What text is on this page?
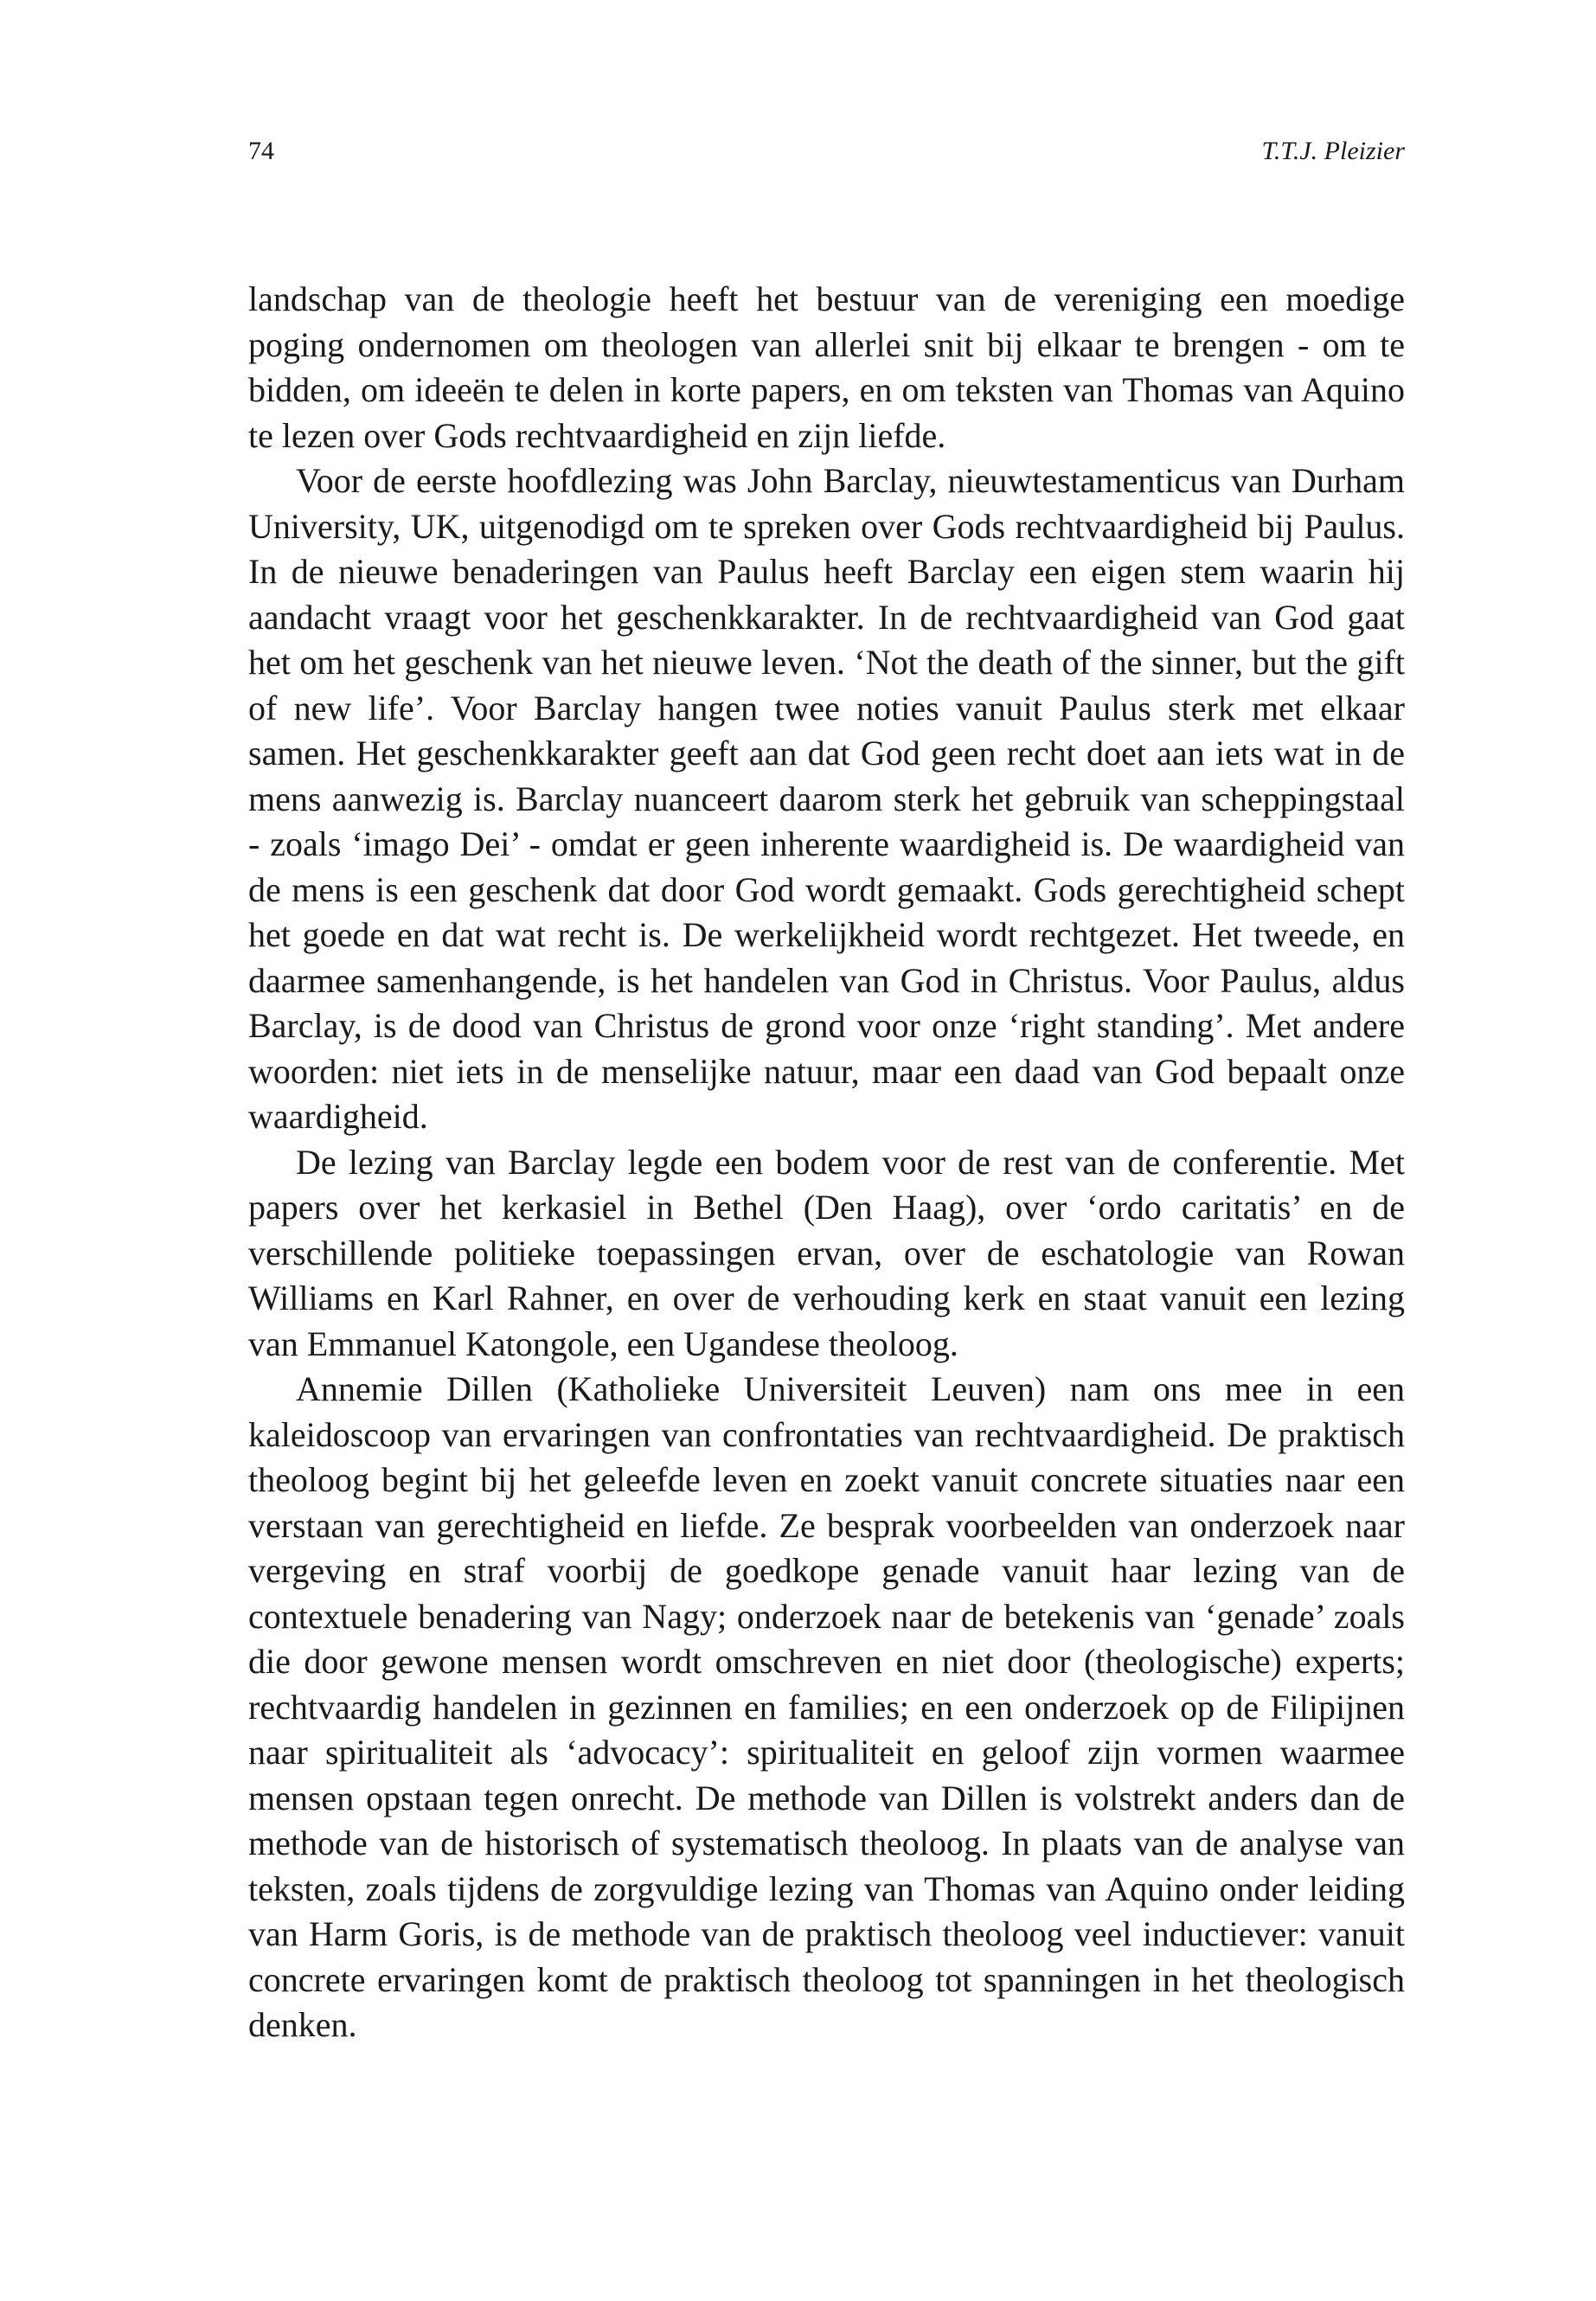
74	T.T.J. Pleizier

landschap van de theologie heeft het bestuur van de vereniging een moedige poging ondernomen om theologen van allerlei snit bij elkaar te brengen - om te bidden, om ideeën te delen in korte papers, en om teksten van Thomas van Aquino te lezen over Gods rechtvaardigheid en zijn liefde.

Voor de eerste hoofdlezing was John Barclay, nieuwtestamenticus van Durham University, UK, uitgenodigd om te spreken over Gods rechtvaardigheid bij Paulus. In de nieuwe benaderingen van Paulus heeft Barclay een eigen stem waarin hij aandacht vraagt voor het geschenkkarakter. In de rechtvaardigheid van God gaat het om het geschenk van het nieuwe leven. ‘Not the death of the sinner, but the gift of new life’. Voor Barclay hangen twee noties vanuit Paulus sterk met elkaar samen. Het geschenkkarakter geeft aan dat God geen recht doet aan iets wat in de mens aanwezig is. Barclay nuanceert daarom sterk het gebruik van scheppingstaal - zoals ‘imago Dei’ - omdat er geen inherente waardigheid is. De waardigheid van de mens is een geschenk dat door God wordt gemaakt. Gods gerechtigheid schept het goede en dat wat recht is. De werkelijkheid wordt rechtgezet. Het tweede, en daarmee samenhangende, is het handelen van God in Christus. Voor Paulus, aldus Barclay, is de dood van Christus de grond voor onze ‘right standing’. Met andere woorden: niet iets in de menselijke natuur, maar een daad van God bepaalt onze waardigheid.

De lezing van Barclay legde een bodem voor de rest van de conferentie. Met papers over het kerkasiel in Bethel (Den Haag), over ‘ordo caritatis’ en de verschillende politieke toepassingen ervan, over de eschatologie van Rowan Williams en Karl Rahner, en over de verhouding kerk en staat vanuit een lezing van Emmanuel Katongole, een Ugandese theoloog.

Annemie Dillen (Katholieke Universiteit Leuven) nam ons mee in een kaleidoscoop van ervaringen van confrontaties van rechtvaardigheid. De praktisch theoloog begint bij het geleefde leven en zoekt vanuit concrete situaties naar een verstaan van gerechtigheid en liefde. Ze besprak voorbeelden van onderzoek naar vergeving en straf voorbij de goedkope genade vanuit haar lezing van de contextuele benadering van Nagy; onderzoek naar de betekenis van ‘genade’ zoals die door gewone mensen wordt omschreven en niet door (theologische) experts; rechtvaardig handelen in gezinnen en families; en een onderzoek op de Filipijnen naar spiritualiteit als ‘advocacy’: spiritualiteit en geloof zijn vormen waarmee mensen opstaan tegen onrecht. De methode van Dillen is volstrekt anders dan de methode van de historisch of systematisch theoloog. In plaats van de analyse van teksten, zoals tijdens de zorgvuldige lezing van Thomas van Aquino onder leiding van Harm Goris, is de methode van de praktisch theoloog veel inductiever: vanuit concrete ervaringen komt de praktisch theoloog tot spanningen in het theologisch denken.
